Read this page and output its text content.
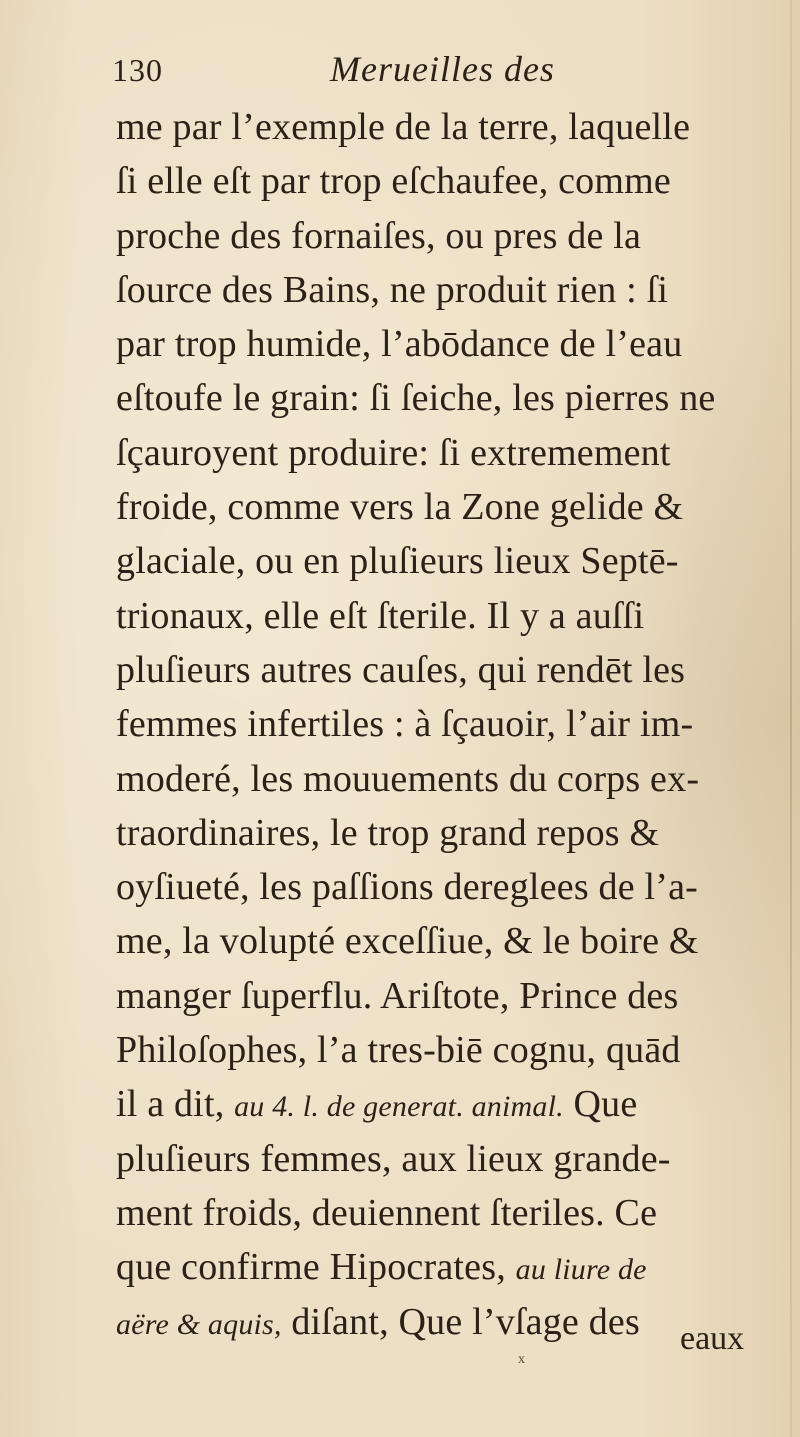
130	Merueilles des
me par l’exemple de la terre, laquelle
ſi elle eſt par trop eſchaufee, comme
proche des fornaiſes, ou pres de la
ſource des Bains, ne produit rien : ſi
par trop humide, l’abōdance de l’eau
eſtoufe le grain: ſi ſeiche, les pierres ne
ſçauroyent produire: ſi extremement
froide, comme vers la Zone gelide &
glaciale, ou en pluſieurs lieux Septē-
trionaux, elle eſt ſterile. Il y a auſſi
pluſieurs autres cauſes, qui rendēt les
femmes infertiles : à ſçauoir, l’air im-
moderé, les mouuements du corps ex-
traordinaires, le trop grand repos &
oyſiueté, les paſſions dereglees de l’a-
me, la volupté exceſſiue, & le boire &
manger ſuperflu. Ariſtote, Prince des
Philoſophes, l’a tres-biē cognu, quād
il a dit, au 4. l. de generat. animal. Que
pluſieurs femmes, aux lieux grande-
ment froids, deuiennent ſteriles. Ce
que confirme Hipocrates, au liure de
aëre & aquis, diſant, Que l’vſage des	eaux
x
